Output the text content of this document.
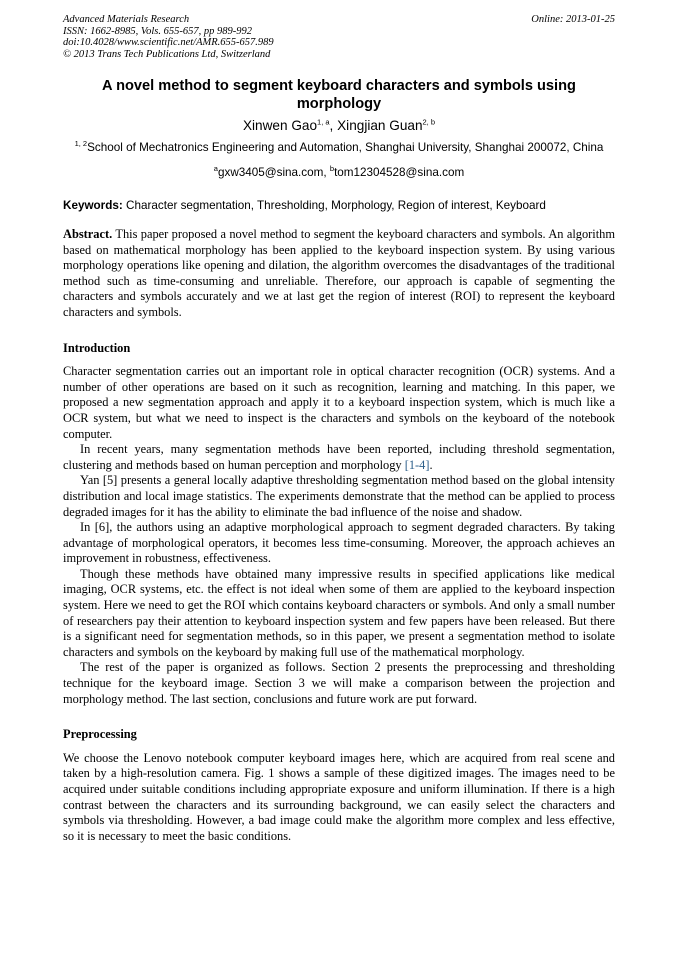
Advanced Materials Research
ISSN: 1662-8985, Vols. 655-657, pp 989-992
doi:10.4028/www.scientific.net/AMR.655-657.989
© 2013 Trans Tech Publications Ltd, Switzerland
Online: 2013-01-25
A novel method to segment keyboard characters and symbols using morphology
Xinwen Gao$^{1, a}$, Xingjian Guan$^{2, b}$
$^{1, 2}$School of Mechatronics Engineering and Automation, Shanghai University, Shanghai 200072, China
$^a$gxw3405@sina.com, $^b$tom12304528@sina.com
Keywords: Character segmentation, Thresholding, Morphology, Region of interest, Keyboard
Abstract. This paper proposed a novel method to segment the keyboard characters and symbols. An algorithm based on mathematical morphology has been applied to the keyboard inspection system. By using various morphology operations like opening and dilation, the algorithm overcomes the disadvantages of the traditional method such as time-consuming and unreliable. Therefore, our approach is capable of segmenting the characters and symbols accurately and we at last get the region of interest (ROI) to represent the keyboard characters and symbols.
Introduction

Character segmentation carries out an important role in optical character recognition (OCR) systems. And a number of other operations are based on it such as recognition, learning and matching. In this paper, we proposed a new segmentation approach and apply it to a keyboard inspection system, which is much like a OCR system, but what we need to inspect is the characters and symbols on the keyboard of the notebook computer.

In recent years, many segmentation methods have been reported, including threshold segmentation, clustering and methods based on human perception and morphology [1-4].

Yan [5] presents a general locally adaptive thresholding segmentation method based on the global intensity distribution and local image statistics. The experiments demonstrate that the method can be applied to process degraded images for it has the ability to eliminate the bad influence of the noise and shadow.

In [6], the authors using an adaptive morphological approach to segment degraded characters. By taking advantage of morphological operators, it becomes less time-consuming. Moreover, the approach achieves an improvement in robustness, effectiveness.

Though these methods have obtained many impressive results in specified applications like medical imaging, OCR systems, etc. the effect is not ideal when some of them are applied to the keyboard inspection system. Here we need to get the ROI which contains keyboard characters or symbols. And only a small number of researchers pay their attention to keyboard inspection system and few papers have been released. But there is a significant need for segmentation methods, so in this paper, we present a segmentation method to isolate characters and symbols on the keyboard by making full use of the mathematical morphology.

The rest of the paper is organized as follows. Section 2 presents the preprocessing and thresholding technique for the keyboard image. Section 3 we will make a comparison between the projection and morphology method. The last section, conclusions and future work are put forward.

Preprocessing

We choose the Lenovo notebook computer keyboard images here, which are acquired from real scene and taken by a high-resolution camera. Fig. 1 shows a sample of these digitized images. The images need to be acquired under suitable conditions including appropriate exposure and uniform illumination. If there is a high contrast between the characters and its surrounding background, we can easily select the characters and symbols via thresholding. However, a bad image could make the algorithm more complex and less effective, so it is necessary to meet the basic conditions.
